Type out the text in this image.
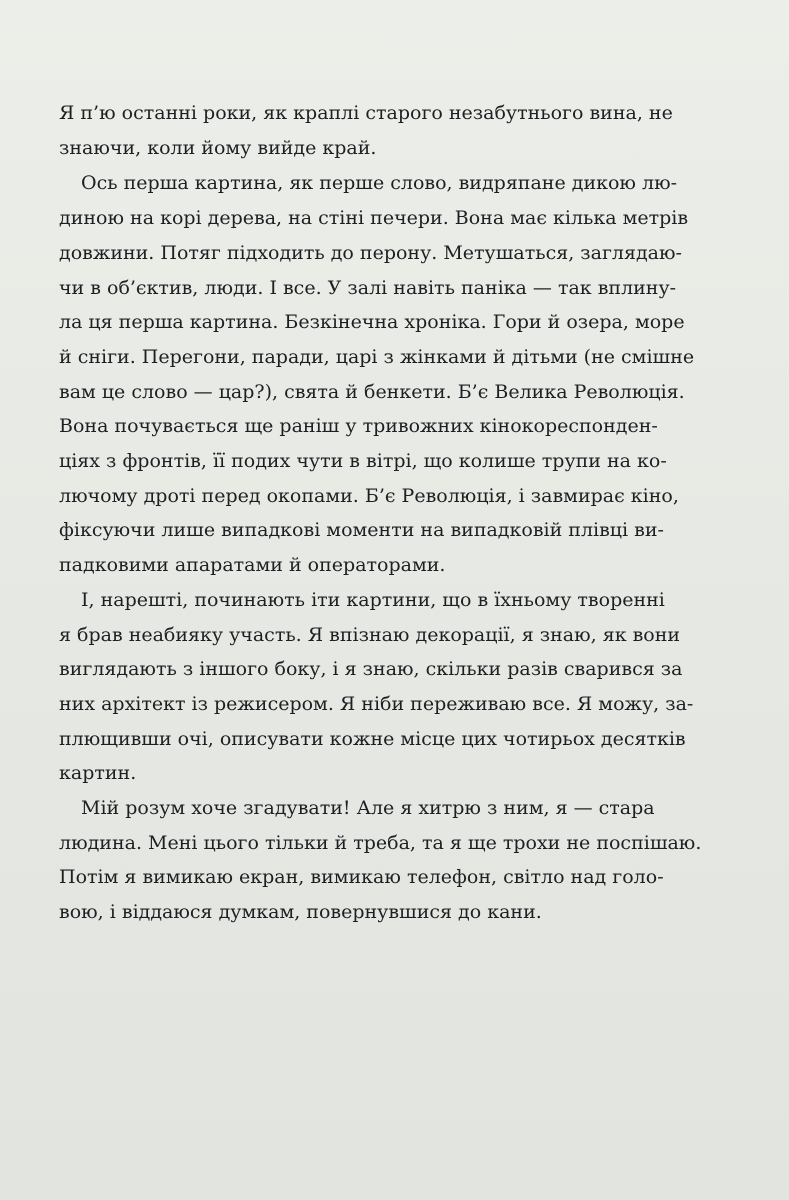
Я п’ю останні роки, як краплі старого незабутнього вина, не
знаючи, коли йому вийде край.

Ось перша картина, як перше слово, видряпане дикою лю-
диною на корі дерева, на стіні печери. Вона має кілька метрів
довжини. Потяг підходить до перону. Метушаться, заглядаю-
чи в об’єктив, люди. І все. У залі навіть паніка — так вплину-
ла ця перша картина. Безкінечна хроніка. Гори й озера, море
й сніги. Перегони, паради, царі з жінками й дітьми (не смішне
вам це слово — цар?), свята й бенкети. Б’є Велика Революція.
Вона почувається ще раніш у тривожних кінокореспонден-
ціях з фронтів, її подих чути в вітрі, що колише трупи на ко-
лючому дроті перед окопами. Б’є Революція, і завмирає кіно,
фіксуючи лише випадкові моменти на випадковій плівці ви-
падковими апаратами й операторами.

І, нарешті, починають іти картини, що в їхньому творенні
я брав неабияку участь. Я впізнаю декорації, я знаю, як вони
виглядають з іншого боку, і я знаю, скільки разів сварився за
них архітект із режисером. Я ніби переживаю все. Я можу, за-
плющивши очі, описувати кожне місце цих чотирьох десятків
картин.

Мій розум хоче згадувати! Але я хитрю з ним, я — стара
людина. Мені цього тільки й треба, та я ще трохи не поспішаю.
Потім я вимикаю екран, вимикаю телефон, світло над голо-
вою, і віддаюся думкам, повернувшися до кани.
